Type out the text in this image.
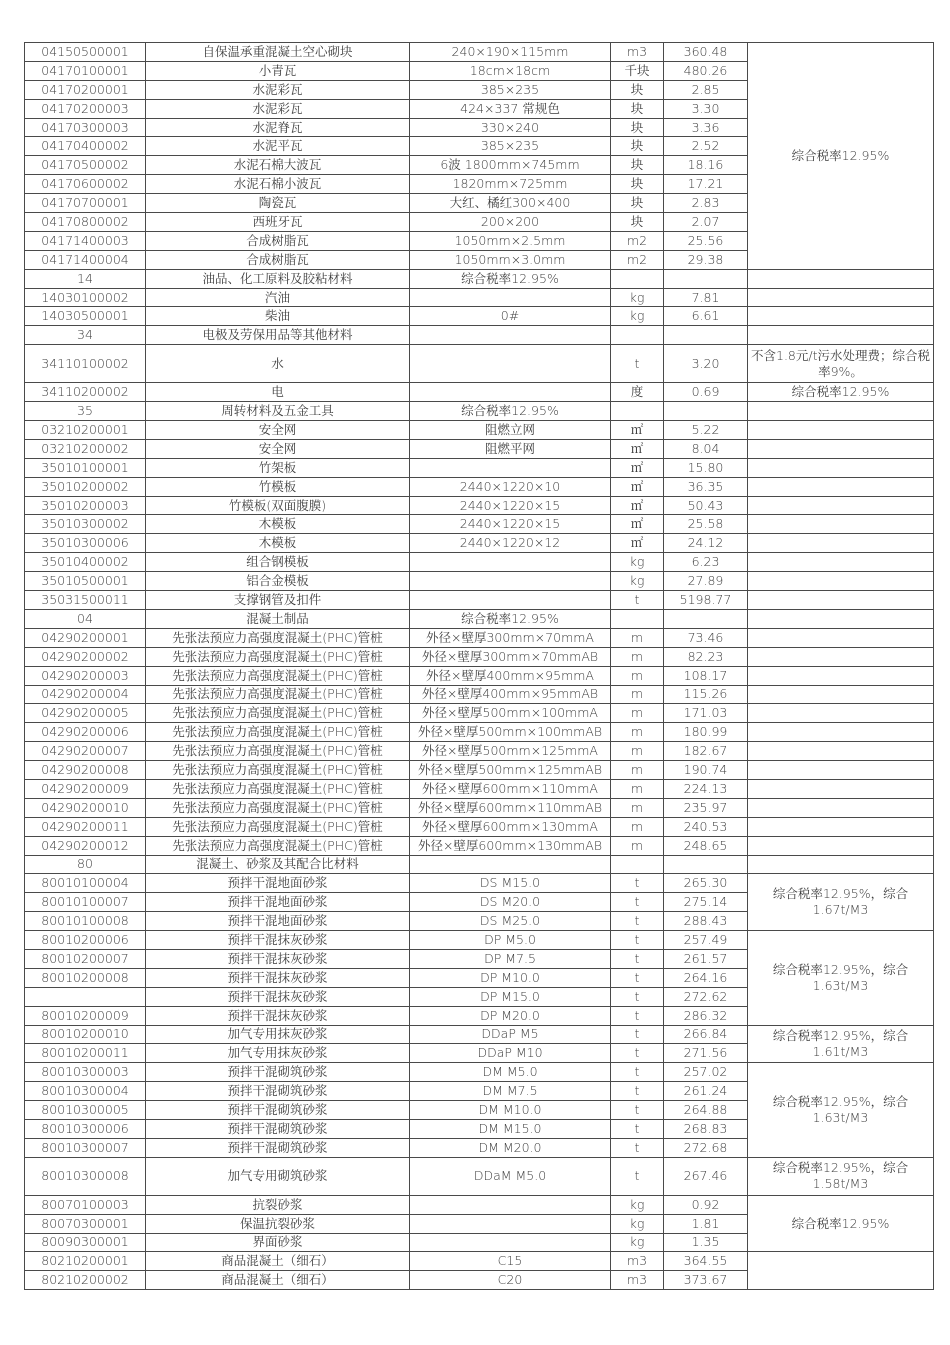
04150500001	自保温承重混凝土空心砌块	240×190×115mm	m3	360.48	综合税率12.95%
04170100001	小青瓦	18cm×18cm	千块	480.26	
04170200001	水泥彩瓦	385×235	块	2.85	
04170200003	水泥彩瓦	424×337 常规色	块	3.30	
04170300003	水泥脊瓦	330×240	块	3.36	
04170400002	水泥平瓦	385×235	块	2.52	
04170500002	水泥石棉大波瓦	6波 1800mm×745mm	块	18.16	
04170600002	水泥石棉小波瓦	1820mm×725mm	块	17.21	
04170700001	陶瓷瓦	大红、橘红300×400	块	2.83	
04170800002	西班牙瓦	200×200	块	2.07	
04171400003	合成树脂瓦	1050mm×2.5mm	m2	25.56	
04171400004	合成树脂瓦	1050mm×3.0mm	m2	29.38	
14	油品、化工原料及胶粘材料	综合税率12.95%			
14030100002	汽油		kg	7.81	
14030500001	柴油	0#	kg	6.61	
34	电极及劳保用品等其他材料				
34110100002	水		t	3.20	不含1.8元/t污水处理费；综合税率9%。
34110200002	电		度	0.69	综合税率12.95%
35	周转材料及五金工具	综合税率12.95%			
03210200001	安全网	阻燃立网	㎡	5.22	
03210200002	安全网	阻燃平网	㎡	8.04	
35010100001	竹架板		㎡	15.80	
35010200002	竹模板	2440×1220×10	㎡	36.35	
35010200003	竹模板(双面腹膜)	2440×1220×15	㎡	50.43	
35010300002	木模板	2440×1220×15	㎡	25.58	
35010300006	木模板	2440×1220×12	㎡	24.12	
35010400002	组合钢模板		kg	6.23	
35010500001	铝合金模板		kg	27.89	
35031500011	支撑钢管及扣件		t	5198.77	
04	混凝土制品	综合税率12.95%			
04290200001	先张法预应力高强度混凝土(PHC)管桩	外径×壁厚300mm×70mmA	m	73.46	
04290200002	先张法预应力高强度混凝土(PHC)管桩	外径×壁厚300mm×70mmAB	m	82.23	
04290200003	先张法预应力高强度混凝土(PHC)管桩	外径×壁厚400mm×95mmA	m	108.17	
04290200004	先张法预应力高强度混凝土(PHC)管桩	外径×壁厚400mm×95mmAB	m	115.26	
04290200005	先张法预应力高强度混凝土(PHC)管桩	外径×壁厚500mm×100mmA	m	171.03	
04290200006	先张法预应力高强度混凝土(PHC)管桩	外径×壁厚500mm×100mmAB	m	180.99	
04290200007	先张法预应力高强度混凝土(PHC)管桩	外径×壁厚500mm×125mmA	m	182.67	
04290200008	先张法预应力高强度混凝土(PHC)管桩	外径×壁厚500mm×125mmAB	m	190.74	
04290200009	先张法预应力高强度混凝土(PHC)管桩	外径×壁厚600mm×110mmA	m	224.13	
04290200010	先张法预应力高强度混凝土(PHC)管桩	外径×壁厚600mm×110mmAB	m	235.97	
04290200011	先张法预应力高强度混凝土(PHC)管桩	外径×壁厚600mm×130mmA	m	240.53	
04290200012	先张法预应力高强度混凝土(PHC)管桩	外径×壁厚600mm×130mmAB	m	248.65	
80	混凝土、砂浆及其配合比材料				
80010100004	预拌干混地面砂浆	DS M15.0	t	265.30	综合税率12.95%，综合1.67t/M3
80010100007	预拌干混地面砂浆	DS M20.0	t	275.14	
80010100008	预拌干混地面砂浆	DS M25.0	t	288.43	
80010200006	预拌干混抹灰砂浆	DP M5.0	t	257.49	综合税率12.95%，综合1.63t/M3
80010200007	预拌干混抹灰砂浆	DP M7.5	t	261.57	
80010200008	预拌干混抹灰砂浆	DP M10.0	t	264.16	
	预拌干混抹灰砂浆	DP M15.0	t	272.62	
80010200009	预拌干混抹灰砂浆	DP M20.0	t	286.32	
80010200010	加气专用抹灰砂浆	DDaP M5	t	266.84	综合税率12.95%，综合1.61t/M3
80010200011	加气专用抹灰砂浆	DDaP M10	t	271.56	
80010300003	预拌干混砌筑砂浆	DM M5.0	t	257.02	综合税率12.95%，综合1.63t/M3
80010300004	预拌干混砌筑砂浆	DM M7.5	t	261.24	
80010300005	预拌干混砌筑砂浆	DM M10.0	t	264.88	
80010300006	预拌干混砌筑砂浆	DM M15.0	t	268.83	
80010300007	预拌干混砌筑砂浆	DM M20.0	t	272.68	
80010300008	加气专用砌筑砂浆	DDaM M5.0	t	267.46	综合税率12.95%，综合1.58t/M3
80070100003	抗裂砂浆		kg	0.92	综合税率12.95%
80070300001	保温抗裂砂浆		kg	1.81	
80090300001	界面砂浆		kg	1.35	
80210200001	商品混凝土（细石）	C15	m3	364.55	
80210200002	商品混凝土（细石）	C20	m3	373.67	
